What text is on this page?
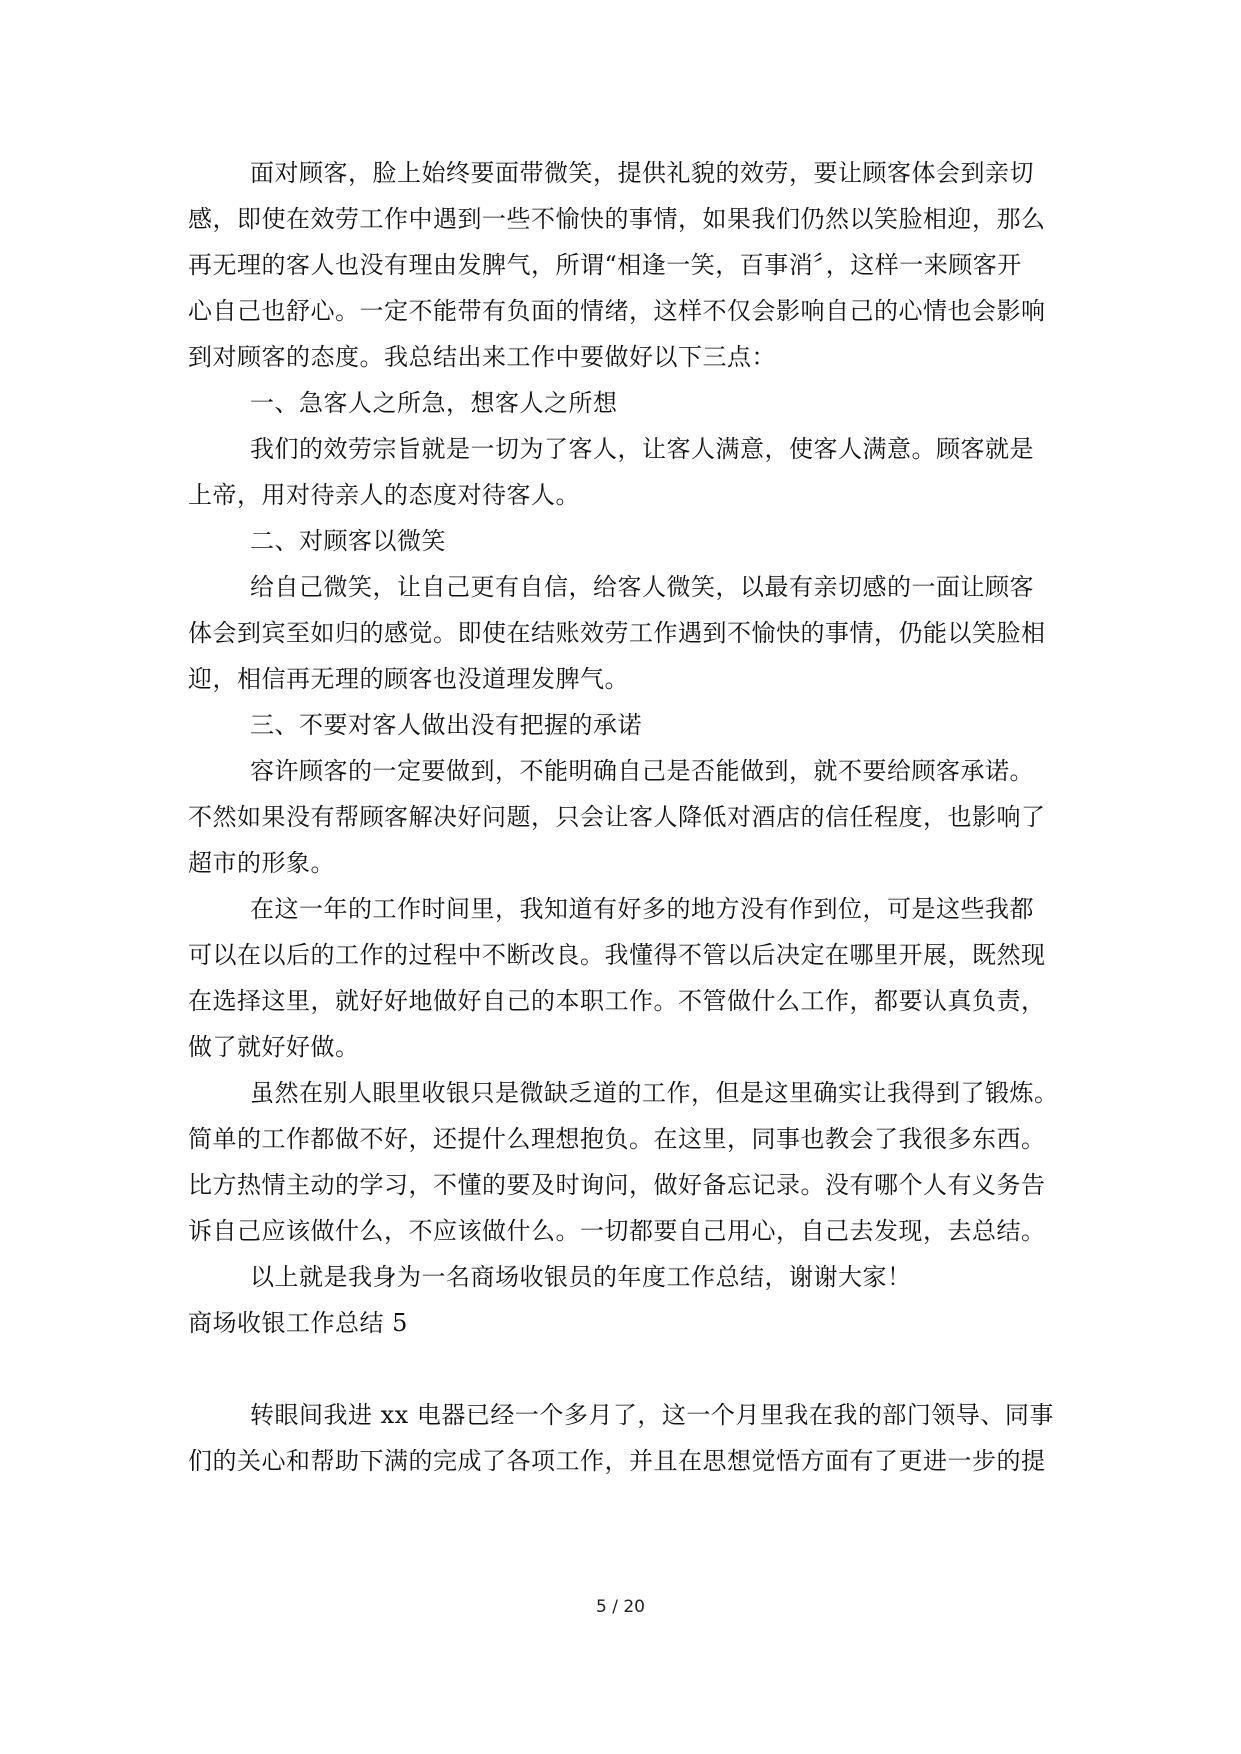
面对顾客，脸上始终要面带微笑，提供礼貌的效劳，要让顾客体会到亲切
感，即使在效劳工作中遇到一些不愉快的事情，如果我们仍然以笑脸相迎，那么
再无理的客人也没有理由发脾气，所谓“相逢一笑，百事消〞，这样一来顾客开
心自己也舒心。一定不能带有负面的情绪，这样不仅会影响自己的心情也会影响
到对顾客的态度。我总结出来工作中要做好以下三点：
一、急客人之所急，想客人之所想
我们的效劳宗旨就是一切为了客人，让客人满意，使客人满意。顾客就是
上帝，用对待亲人的态度对待客人。
二、对顾客以微笑
给自己微笑，让自己更有自信，给客人微笑，以最有亲切感的一面让顾客
体会到宾至如归的感觉。即使在结账效劳工作遇到不愉快的事情，仍能以笑脸相
迎，相信再无理的顾客也没道理发脾气。
三、不要对客人做出没有把握的承诺
容许顾客的一定要做到，不能明确自己是否能做到，就不要给顾客承诺。
不然如果没有帮顾客解决好问题，只会让客人降低对酒店的信任程度，也影响了
超市的形象。
在这一年的工作时间里，我知道有好多的地方没有作到位，可是这些我都
可以在以后的工作的过程中不断改良。我懂得不管以后决定在哪里开展，既然现
在选择这里，就好好地做好自己的本职工作。不管做什么工作，都要认真负责，
做了就好好做。
虽然在别人眼里收银只是微缺乏道的工作，但是这里确实让我得到了锻炼。
简单的工作都做不好，还提什么理想抱负。在这里，同事也教会了我很多东西。
比方热情主动的学习，不懂的要及时询问，做好备忘记录。没有哪个人有义务告
诉自己应该做什么，不应该做什么。一切都要自己用心，自己去发现，去总结。
以上就是我身为一名商场收银员的年度工作总结，谢谢大家！
商场收银工作总结 5
转眼间我进 xx 电器已经一个多月了，这一个月里我在我的部门领导、同事
们的关心和帮助下满的完成了各项工作，并且在思想觉悟方面有了更进一步的提
5 / 20
